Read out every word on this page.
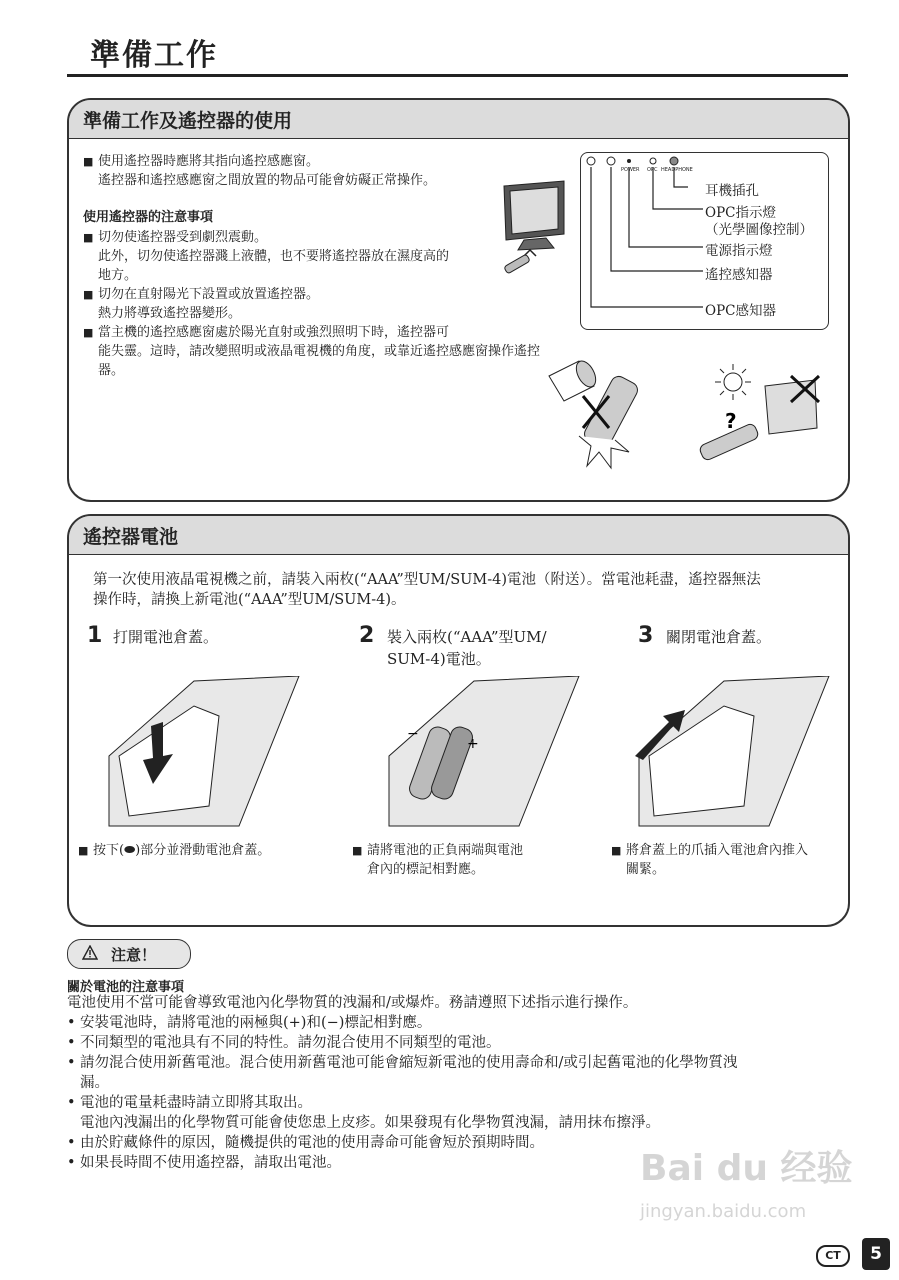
準備工作
準備工作及遙控器的使用
■ 使用遙控器時應將其指向遙控感應窗。
遙控器和遙控感應窗之間放置的物品可能會妨礙正常操作。
使用遙控器的注意事項
■ 切勿使遙控器受到劇烈震動。
此外，切勿使遙控器濺上液體，也不要將遙控器放在濕度高的
地方。
■ 切勿在直射陽光下設置或放置遙控器。
熱力將導致遙控器變形。
■ 當主機的遙控感應窗處於陽光直射或強烈照明下時，遙控器可
能失靈。這時，請改變照明或液晶電視機的角度，或靠近遙控感應窗操作遙控
器。
POWER OPC HEADPHONE
耳機插孔
OPC指示燈
（光學圖像控制）
電源指示燈
遙控感知器
OPC感知器
?
遙控器電池
第一次使用液晶電視機之前，請裝入兩枚(“AAA”型UM/SUM-4)電池（附送）。當電池耗盡，遙控器無法
操作時，請換上新電池(“AAA”型UM/SUM-4)。
1 打開電池倉蓋。
■ 按下(⬬)部分並滑動電池倉蓋。
2 裝入兩枚(“AAA”型UM/
SUM-4)電池。
−
+
■ 請將電池的正負兩端與電池
倉內的標記相對應。
3 關閉電池倉蓋。
■ 將倉蓋上的爪插入電池倉內推入
關緊。
注意！
關於電池的注意事項
電池使用不當可能會導致電池內化學物質的洩漏和/或爆炸。務請遵照下述指示進行操作。
• 安裝電池時，請將電池的兩極與(+)和(−)標記相對應。
• 不同類型的電池具有不同的特性。請勿混合使用不同類型的電池。
• 請勿混合使用新舊電池。混合使用新舊電池可能會縮短新電池的使用壽命和/或引起舊電池的化學物質洩
漏。
• 電池的電量耗盡時請立即將其取出。
電池內洩漏出的化學物質可能會使您患上皮疹。如果發現有化學物質洩漏，請用抹布擦淨。
• 由於貯藏條件的原因，隨機提供的電池的使用壽命可能會短於預期時間。
• 如果長時間不使用遙控器，請取出電池。	Bai du 经验
jingyan.baidu.com
CT	5
